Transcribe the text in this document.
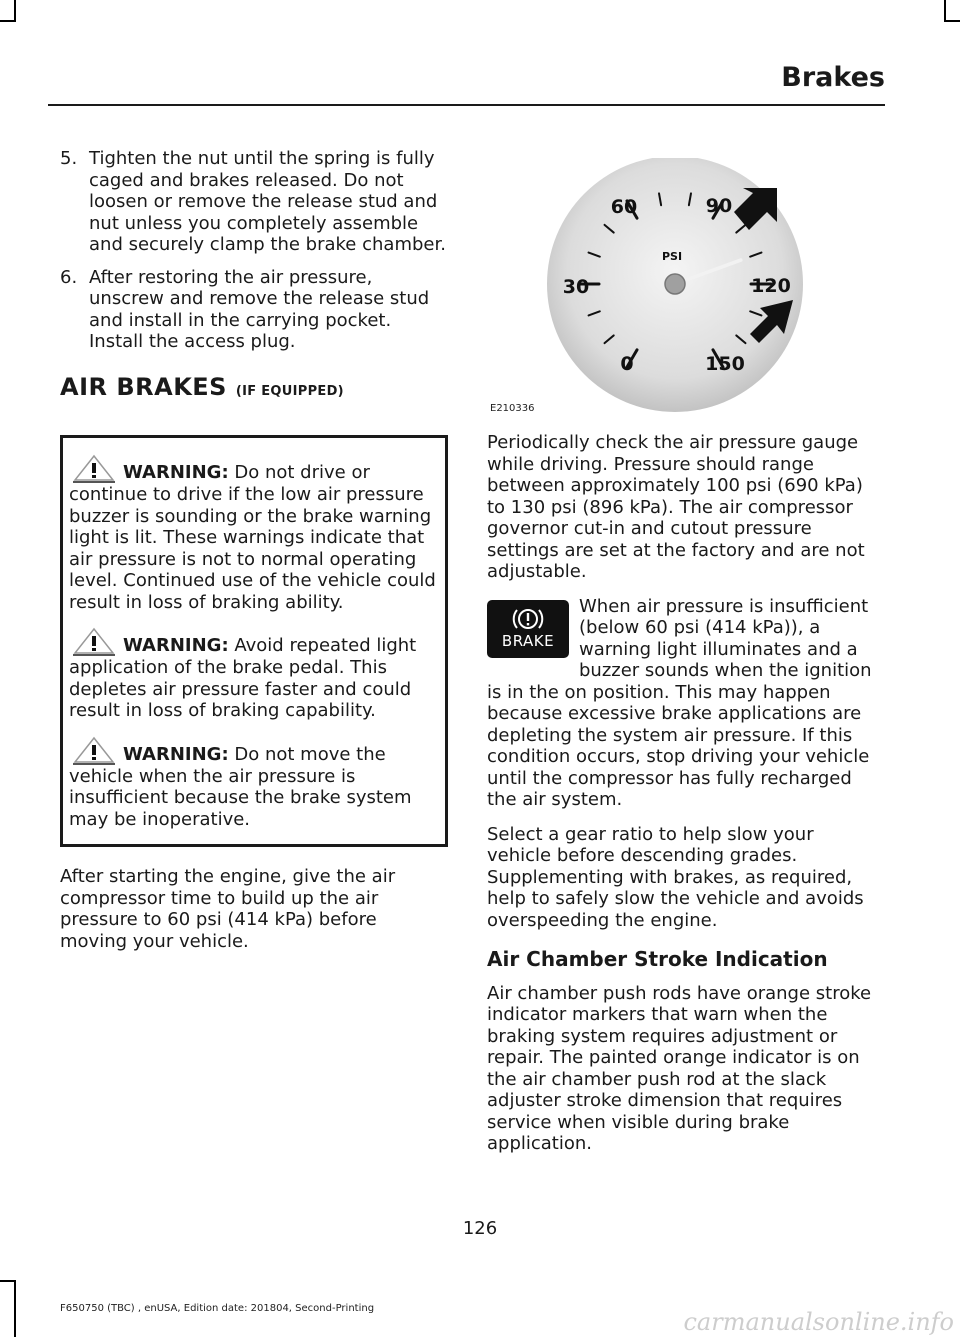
Brakes
5. Tighten the nut until the spring is fully caged and brakes released. Do not loosen or remove the release stud and nut unless you completely assemble and securely clamp the brake chamber.
6. After restoring the air pressure, unscrew and remove the release stud and install in the carrying pocket. Install the access plug.
AIR BRAKES (IF EQUIPPED)
WARNING: Do not drive or continue to drive if the low air pressure buzzer is sounding or the brake warning light is lit. These warnings indicate that air pressure is not to normal operating level. Continued use of the vehicle could result in loss of braking ability.
WARNING: Avoid repeated light application of the brake pedal. This depletes air pressure faster and could result in loss of braking capability.
WARNING: Do not move the vehicle when the air pressure is insufficient because the brake system may be inoperative.

After starting the engine, give the air compressor time to build up the air pressure to 60 psi (414 kPa) before moving your vehicle.

0
30
60	90
120
150
PSI
E210336

Periodically check the air pressure gauge while driving. Pressure should range between approximately 100 psi (690 kPa) to 130 psi (896 kPa). The air compressor governor cut-in and cutout pressure settings are set at the factory and are not adjustable.

BRAKE

When air pressure is insufficient (below 60 psi (414 kPa)), a warning light illuminates and a buzzer sounds when the ignition is in the on position. This may happen because excessive brake applications are depleting the system air pressure. If this condition occurs, stop driving your vehicle until the compressor has fully recharged the air system.

Select a gear ratio to help slow your vehicle before descending grades. Supplementing with brakes, as required, help to safely slow the vehicle and avoids overspeeding the engine.

Air Chamber Stroke Indication

Air chamber push rods have orange stroke indicator markers that warn when the braking system requires adjustment or repair. The painted orange indicator is on the air chamber push rod at the slack adjuster stroke dimension that requires service when visible during brake application.

126
F650750 (TBC) , enUSA, Edition date: 201804, Second-Printing	carmanualsonline.info
